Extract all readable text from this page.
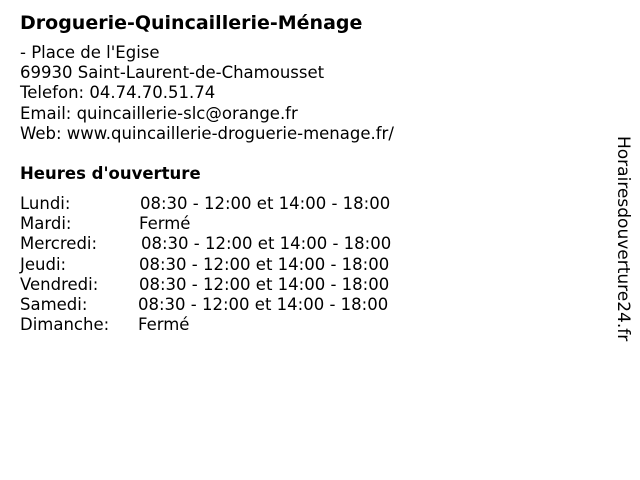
Droguerie-Quincaillerie-Ménage
- Place de l'Egise
69930 Saint-Laurent-de-Chamousset
Telefon: 04.74.70.51.74
Email: quincaillerie-slc@orange.fr
Web: www.quincaillerie-droguerie-menage.fr/
Heures d'ouverture
Lundi:	08:30 - 12:00 et 14:00 - 18:00
Mardi:	Fermé
Mercredi:	08:30 - 12:00 et 14:00 - 18:00
Jeudi:	08:30 - 12:00 et 14:00 - 18:00
Vendredi: 08:30 - 12:00 et 14:00 - 18:00
Samedi:	08:30 - 12:00 et 14:00 - 18:00
Dimanche: Fermé	Horairesdouverture24.fr
